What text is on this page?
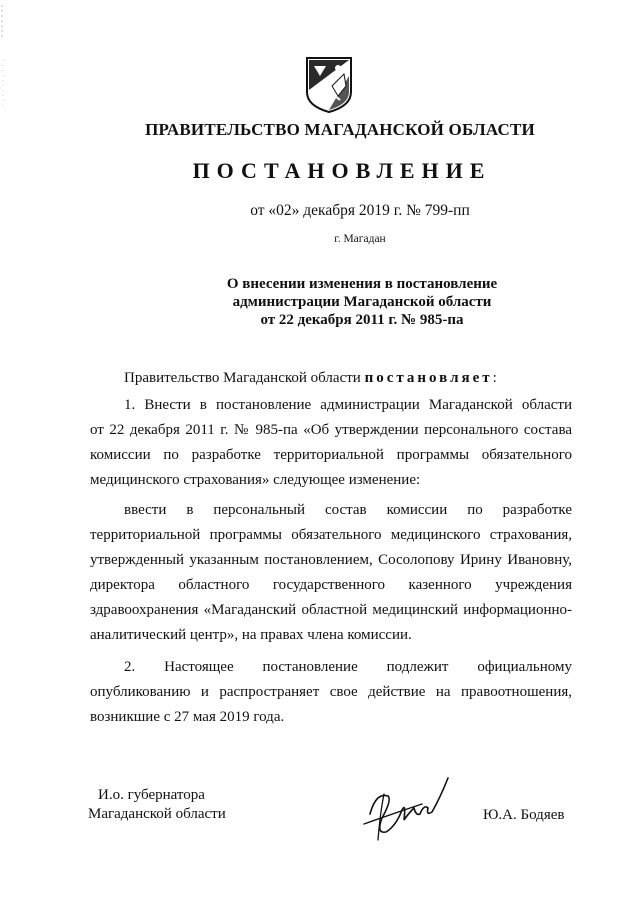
ПРАВИТЕЛЬСТВО МАГАДАНСКОЙ ОБЛАСТИ
ПОСТАНОВЛЕНИЕ
от «02» декабря 2019 г. № 799-пп
г. Магадан
О внесении изменения в постановление
администрации Магаданской области
от 22 декабря 2011 г. № 985-па
Правительство Магаданской области постановляет:
1. Внести в постановление администрации Магаданской области
от 22 декабря 2011 г. № 985-па «Об утверждении персонального состава
комиссии по разработке территориальной программы обязательного
медицинского страхования» следующее изменение:
ввести в персональный состав комиссии по разработке
территориальной программы обязательного медицинского страхования,
утвержденный указанным постановлением, Сосолопову Ирину Ивановну,
директора областного государственного казенного учреждения
здравоохранения «Магаданский областной медицинский информационно-
аналитический центр», на правах члена комиссии.
2. Настоящее постановление подлежит официальному
опубликованию и распространяет свое действие на правоотношения,
возникшие с 27 мая 2019 года.
И.о. губернатора
Магаданской области	Ю.А. Бодяев
